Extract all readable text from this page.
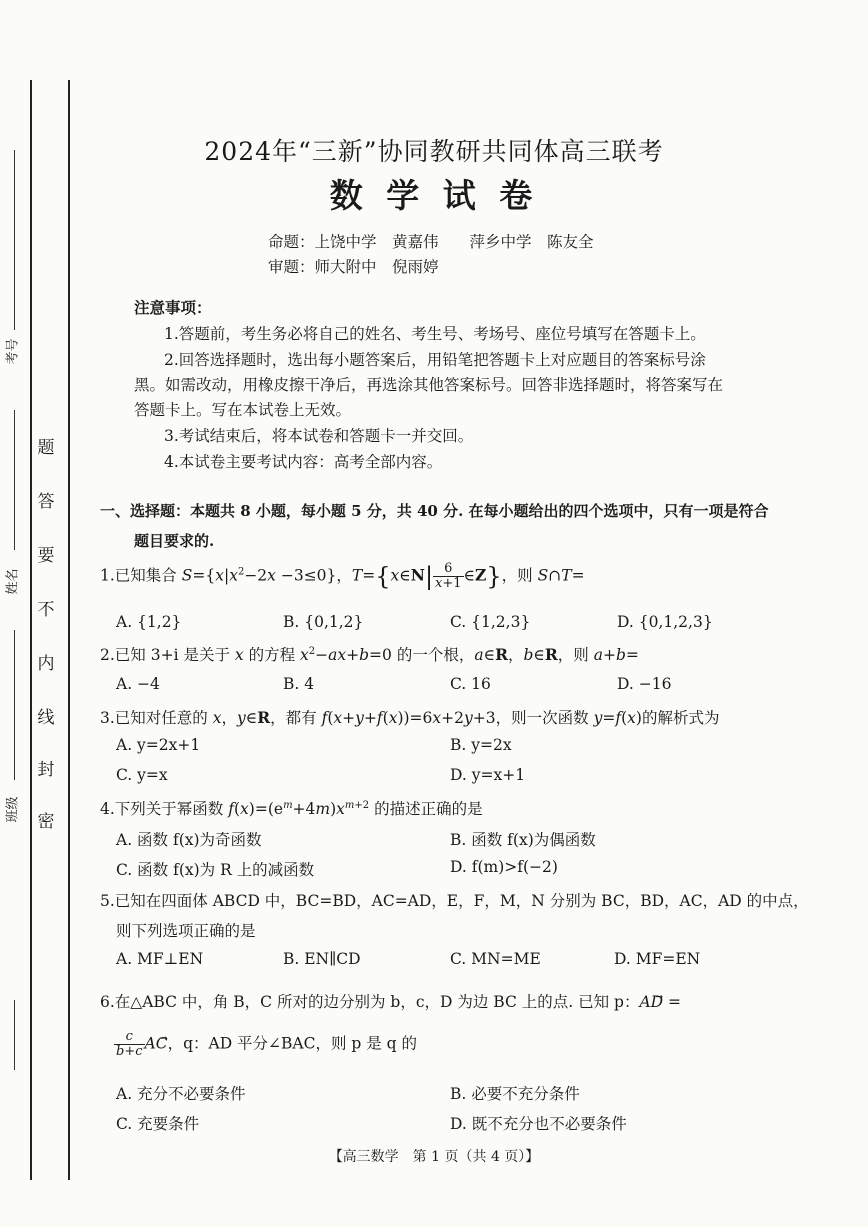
考号
姓名
班级
题
答
要
不
内
线
封
密
2024年“三新”协同教研共同体高三联考
数 学 试 卷
命题：上饶中学　黄嘉伟　　萍乡中学　陈友全
审题：师大附中　倪雨婷
注意事项：
1.答题前，考生务必将自己的姓名、考生号、考场号、座位号填写在答题卡上。
2.回答选择题时，选出每小题答案后，用铅笔把答题卡上对应题目的答案标号涂
黑。如需改动，用橡皮擦干净后，再选涂其他答案标号。回答非选择题时，将答案写在
答题卡上。写在本试卷上无效。
3.考试结束后，将本试卷和答题卡一并交回。
4.本试卷主要考试内容：高考全部内容。
一、选择题：本题共 8 小题，每小题 5 分，共 40 分. 在每小题给出的四个选项中，只有一项是符合
题目要求的.
1.已知集合 $S=\{x|x^2-2x -3\le 0\}$，T={x∈N| $\frac{6}{x+1}$ ∈Z}，则 S∩T=
A. {1,2}	B. {0,1,2}	C. {1,2,3}	D. {0,1,2,3}
2.已知 3+i 是关于 x 的方程 $x^2-ax+b=0$ 的一个根，a∈R，b∈R，则 a+b=
A. −4	B. 4	C. 16	D. −16
3.已知对任意的 x，y∈R，都有 f(x+y+f(x))=6x+2y+3，则一次函数 y=f(x)的解析式为
A. y=2x+1	B. y=2x
C. y=x	D. y=x+1
4.下列关于幂函数 $f(x)=(e^m+4m)x^{m+2}$ 的描述正确的是
A. 函数 f(x)为奇函数	B. 函数 f(x)为偶函数
C. 函数 f(x)为 R 上的减函数	D. f(m)>f(−2)
5.已知在四面体 ABCD 中，BC=BD，AC=AD，E，F，M，N 分别为 BC，BD，AC，AD 的中点，
则下列选项正确的是
A. MF⊥EN	B. EN∥CD	C. MN=ME	D. MF=EN
6.在△ABC 中，角 B，C 所对的边分别为 b，c，D 为边 BC 上的点. 已知 p：AD⃗ =
$\frac{c}{b+c}$ AC，q：AD 平分∠BAC，则 p 是 q 的
A. 充分不必要条件	B. 必要不充分条件
C. 充要条件	D. 既不充分也不必要条件
【高三数学　第 1 页（共 4 页）】
